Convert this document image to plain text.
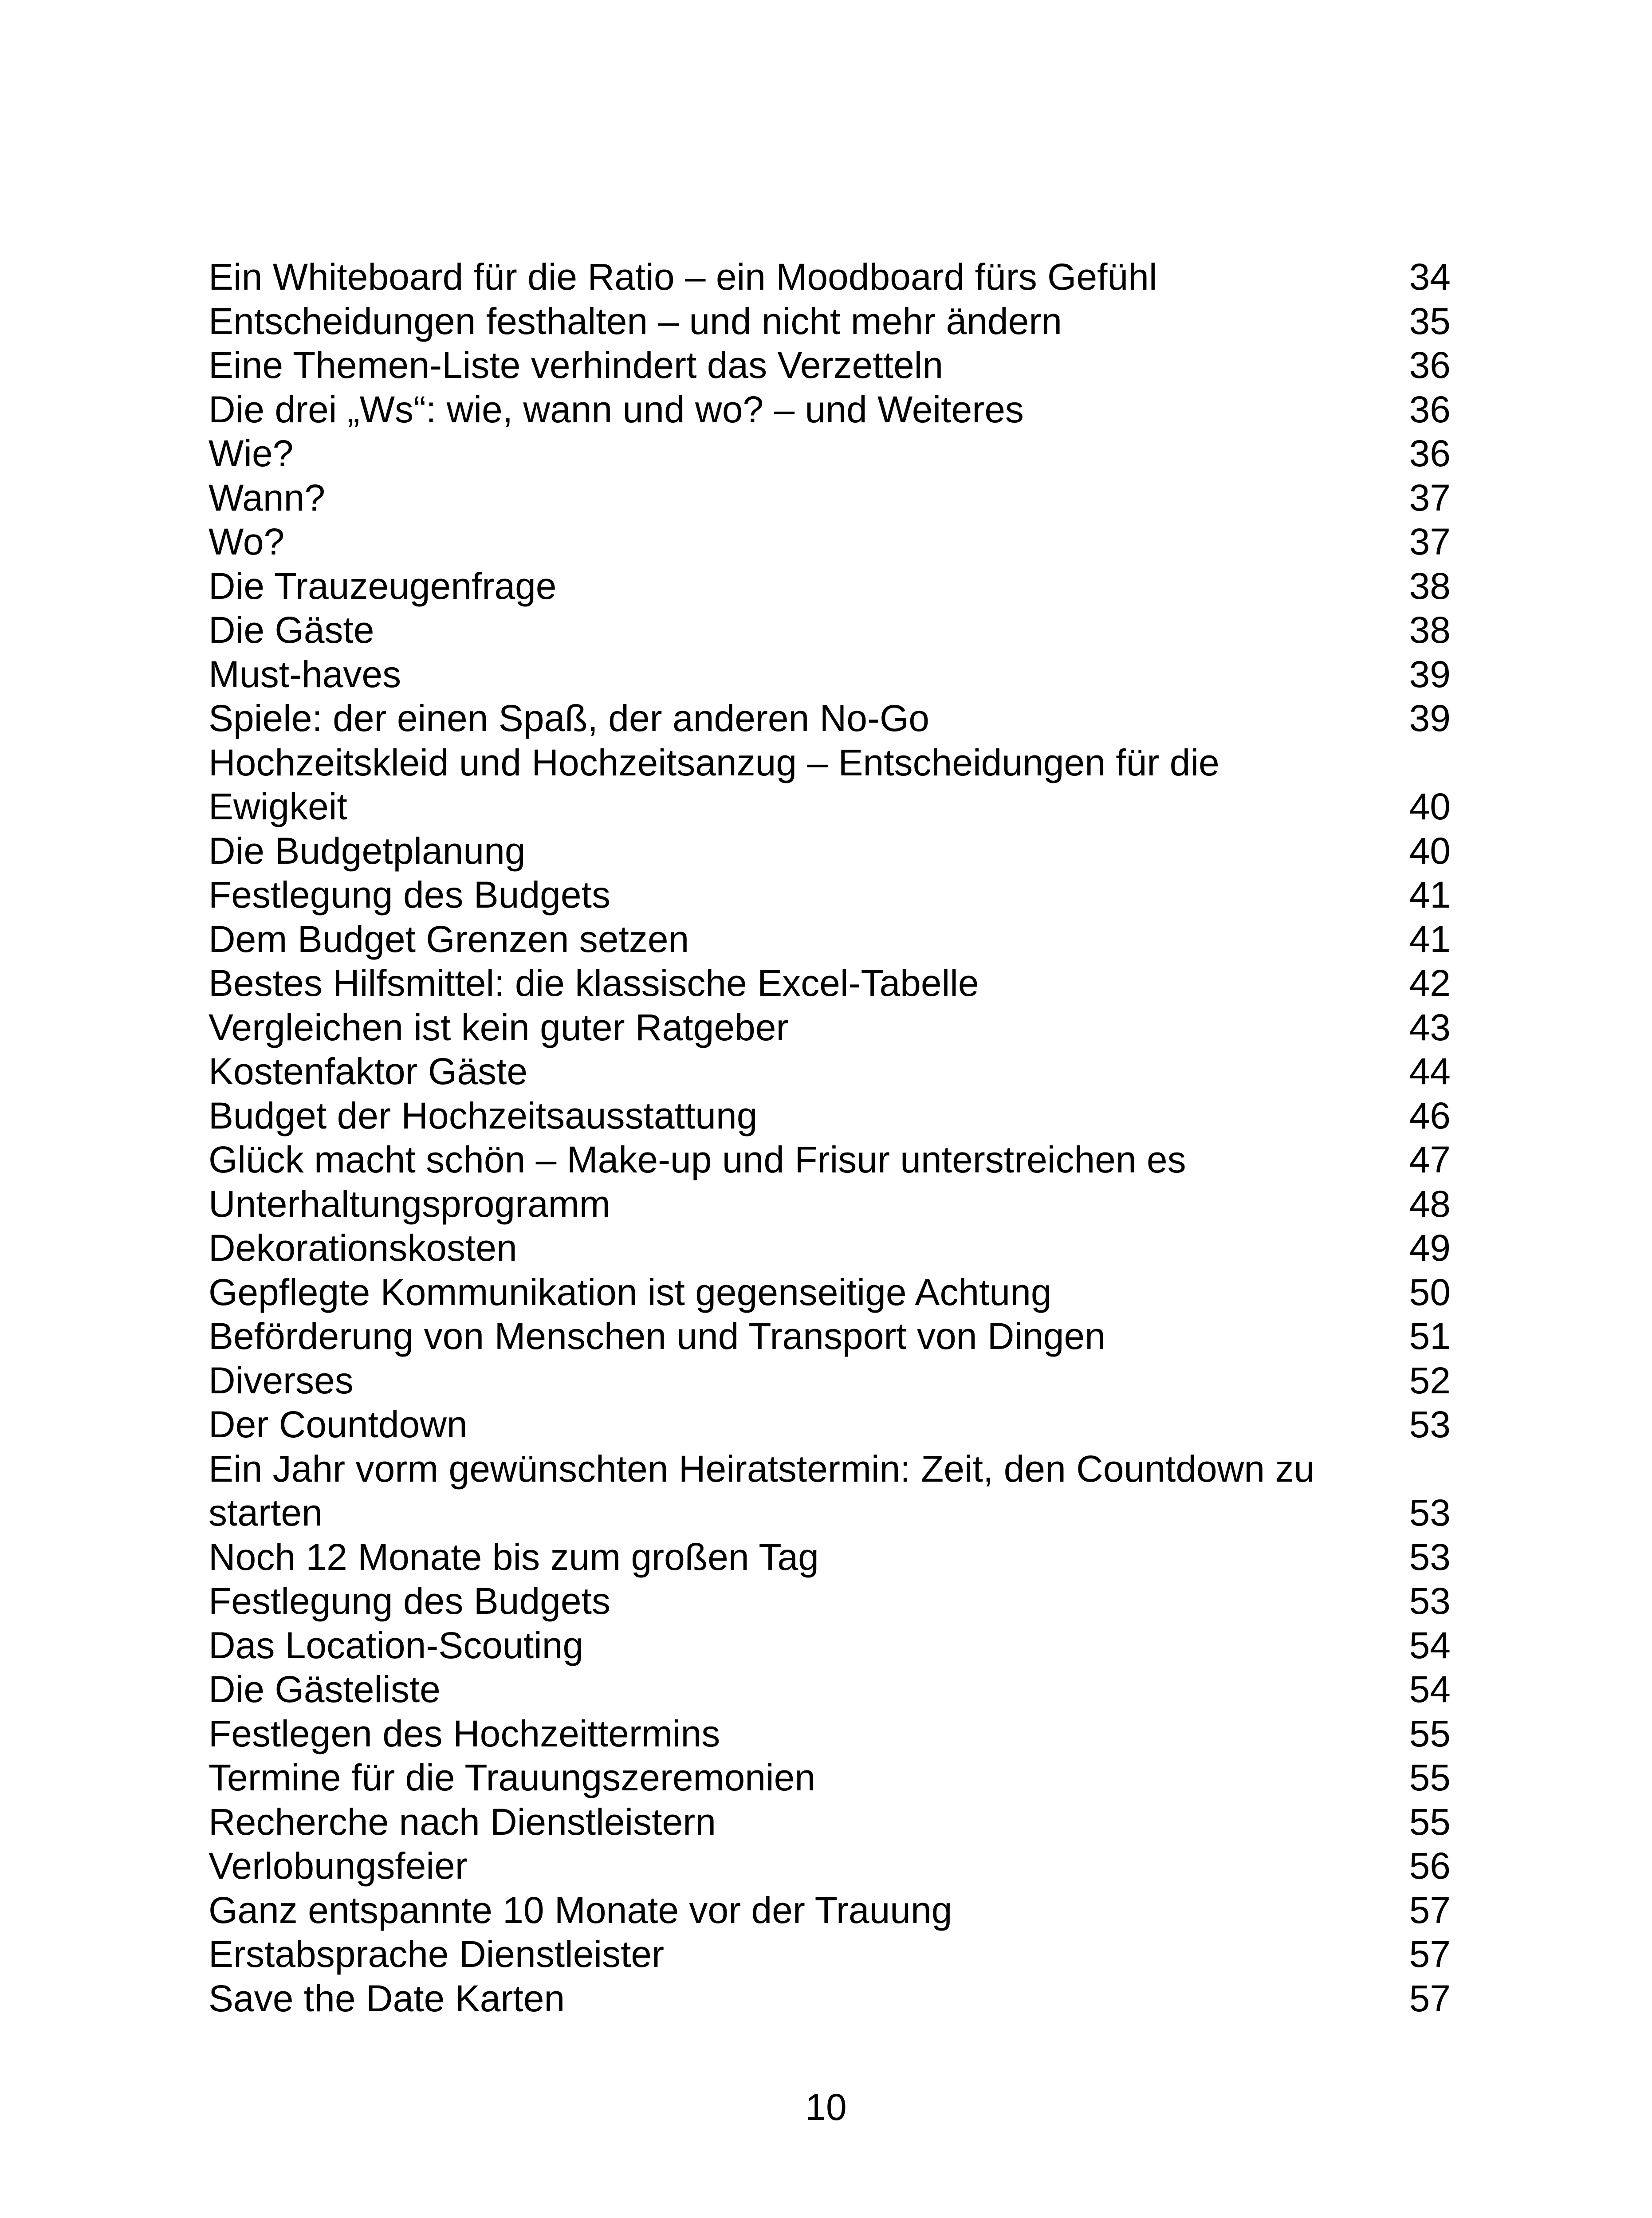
Ein Whiteboard für die Ratio – ein Moodboard fürs Gefühl	34
Entscheidungen festhalten – und nicht mehr ändern	35
Eine Themen-Liste verhindert das Verzetteln	36
Die drei „Ws“: wie, wann und wo? – und Weiteres	36
Wie?	36
Wann?	37
Wo?	37
Die Trauzeugenfrage	38
Die Gäste	38
Must-haves	39
Spiele: der einen Spaß, der anderen No-Go	39
Hochzeitskleid und Hochzeitsanzug – Entscheidungen für die
Ewigkeit	40
Die Budgetplanung	40
Festlegung des Budgets	41
Dem Budget Grenzen setzen	41
Bestes Hilfsmittel: die klassische Excel-Tabelle	42
Vergleichen ist kein guter Ratgeber	43
Kostenfaktor Gäste	44
Budget der Hochzeitsausstattung	46
Glück macht schön – Make-up und Frisur unterstreichen es	47
Unterhaltungsprogramm	48
Dekorationskosten	49
Gepflegte Kommunikation ist gegenseitige Achtung	50
Beförderung von Menschen und Transport von Dingen	51
Diverses	52
Der Countdown	53
Ein Jahr vorm gewünschten Heiratstermin: Zeit, den Countdown zu
starten	53
Noch 12 Monate bis zum großen Tag	53
Festlegung des Budgets	53
Das Location-Scouting	54
Die Gästeliste	54
Festlegen des Hochzeittermins	55
Termine für die Trauungszeremonien	55
Recherche nach Dienstleistern	55
Verlobungsfeier	56
Ganz entspannte 10 Monate vor der Trauung	57
Erstabsprache Dienstleister	57
Save the Date Karten	57
10
